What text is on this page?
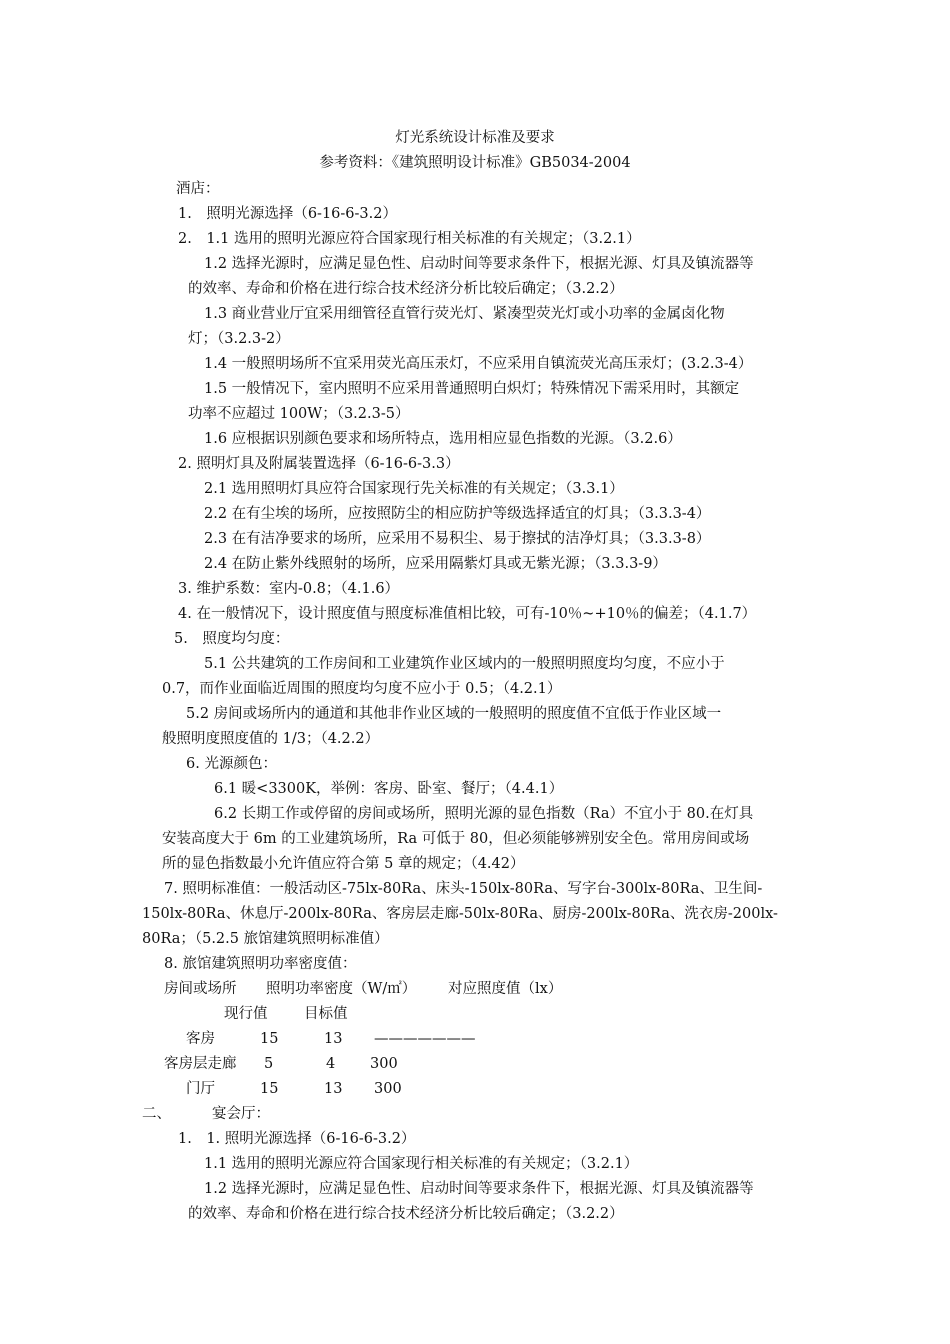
灯光系统设计标准及要求
参考资料：《建筑照明设计标准》GB5034-2004
酒店：
1.　照明光源选择（6-16-6-3.2）
2.　1.1 选用的照明光源应符合国家现行相关标准的有关规定；（3.2.1）
1.2 选择光源时，应满足显色性、启动时间等要求条件下，根据光源、灯具及镇流器等
的效率、寿命和价格在进行综合技术经济分析比较后确定；（3.2.2）
1.3 商业营业厅宜采用细管径直管行荧光灯、紧凑型荧光灯或小功率的金属卤化物
灯；（3.2.3-2）
1.4 一般照明场所不宜采用荧光高压汞灯，不应采用自镇流荧光高压汞灯；(3.2.3-4）
1.5 一般情况下，室内照明不应采用普通照明白炽灯；特殊情况下需采用时，其额定
功率不应超过 100W；（3.2.3-5）
1.6 应根据识别颜色要求和场所特点，选用相应显色指数的光源。（3.2.6）
2. 照明灯具及附属装置选择（6-16-6-3.3）
2.1 选用照明灯具应符合国家现行先关标准的有关规定；（3.3.1）
2.2 在有尘埃的场所，应按照防尘的相应防护等级选择适宜的灯具；（3.3.3-4）
2.3 在有洁净要求的场所，应采用不易积尘、易于擦拭的洁净灯具；（3.3.3-8）
2.4 在防止紫外线照射的场所，应采用隔紫灯具或无紫光源；（3.3.3-9）
3. 维护系数：室内-0.8；（4.1.6）
4. 在一般情况下，设计照度值与照度标准值相比较，可有-10％~+10％的偏差；（4.1.7）
5.　照度均匀度：
5.1 公共建筑的工作房间和工业建筑作业区域内的一般照明照度均匀度，不应小于
0.7，而作业面临近周围的照度均匀度不应小于 0.5；（4.2.1）
5.2 房间或场所内的通道和其他非作业区域的一般照明的照度值不宜低于作业区域一
般照明度照度值的 1/3；（4.2.2）
6. 光源颜色：
6.1 暖<3300K，举例：客房、卧室、餐厅；（4.4.1）
6.2 长期工作或停留的房间或场所，照明光源的显色指数（Ra）不宜小于 80.在灯具
安装高度大于 6m 的工业建筑场所，Ra 可低于 80，但必须能够辨别安全色。常用房间或场
所的显色指数最小允许值应符合第 5 章的规定；（4.42）
7. 照明标准值：一般活动区-75lx-80Ra、床头-150lx-80Ra、写字台-300lx-80Ra、卫生间-
150lx-80Ra、休息厅-200lx-80Ra、客房层走廊-50lx-80Ra、厨房-200lx-80Ra、洗衣房-200lx-
80Ra；（5.2.5 旅馆建筑照明标准值）
8. 旅馆建筑照明功率密度值：
房间或场所 照明功率密度（W/㎡） 对应照度值（lx）
现行值	目标值
客房	15	13 ———————
客房层走廊 5	4 300
门厅	15	13 300
二、	宴会厅：
1.　1. 照明光源选择（6-16-6-3.2）
1.1 选用的照明光源应符合国家现行相关标准的有关规定；（3.2.1）
1.2 选择光源时，应满足显色性、启动时间等要求条件下，根据光源、灯具及镇流器等
的效率、寿命和价格在进行综合技术经济分析比较后确定；（3.2.2）
